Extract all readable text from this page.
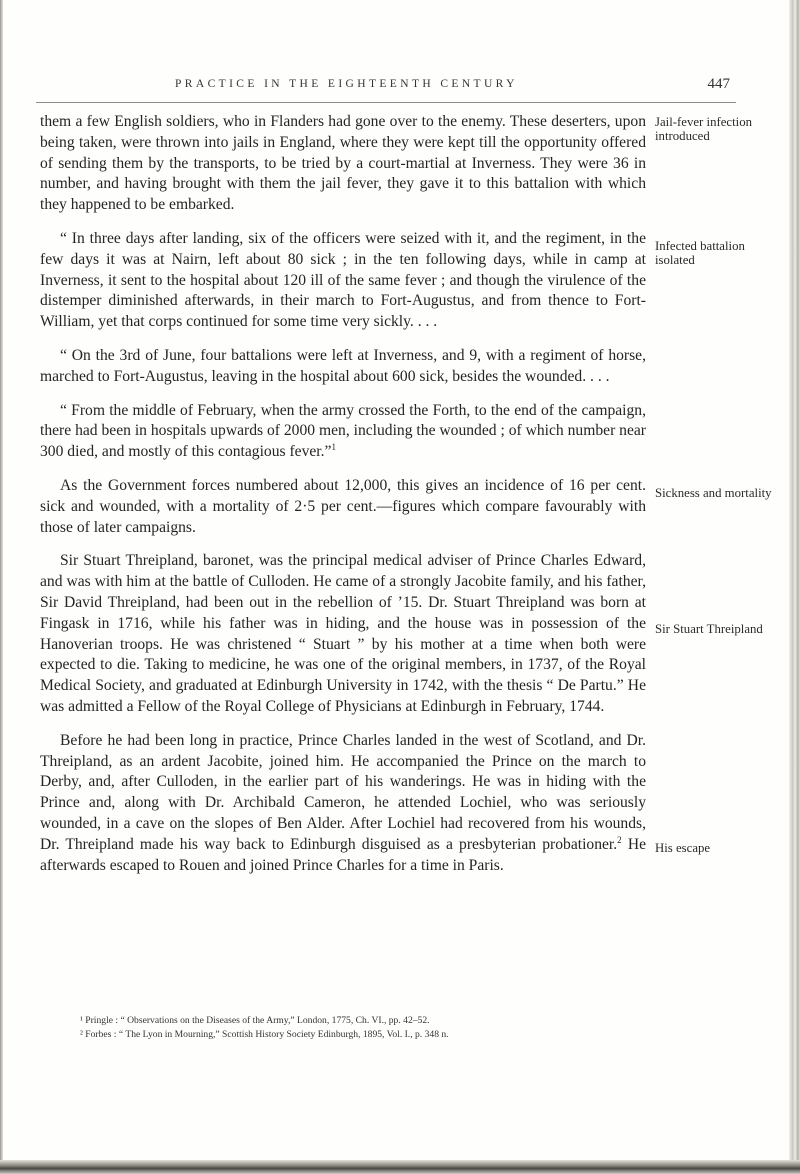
PRACTICE IN THE EIGHTEENTH CENTURY	447

them a few English soldiers, who in Flanders had gone over to the enemy. These deserters, upon being taken, were thrown into jails in England, where they were kept till the opportunity offered of sending them by the transports, to be tried by a court-martial at Inverness. They were 36 in number, and having brought with them the jail fever, they gave it to this battalion with which they happened to be embarked.

“ In three days after landing, six of the officers were seized with it, and the regiment, in the few days it was at Nairn, left about 80 sick ; in the ten following days, while in camp at Inverness, it sent to the hospital about 120 ill of the same fever ; and though the virulence of the distemper diminished afterwards, in their march to Fort-Augustus, and from thence to Fort-William, yet that corps continued for some time very sickly. . . .

“ On the 3rd of June, four battalions were left at Inverness, and 9, with a regiment of horse, marched to Fort-Augustus, leaving in the hospital about 600 sick, besides the wounded. . . .

“ From the middle of February, when the army crossed the Forth, to the end of the campaign, there had been in hospitals upwards of 2000 men, including the wounded ; of which number near 300 died, and mostly of this contagious fever.”$^1$

As the Government forces numbered about 12,000, this gives an incidence of 16 per cent. sick and wounded, with a mortality of 2·5 per cent.—figures which compare favourably with those of later campaigns.

Sir Stuart Threipland, baronet, was the principal medical adviser of Prince Charles Edward, and was with him at the battle of Culloden. He came of a strongly Jacobite family, and his father, Sir David Threipland, had been out in the rebellion of ’15. Dr. Stuart Threipland was born at Fingask in 1716, while his father was in hiding, and the house was in possession of the Hanoverian troops. He was christened “ Stuart ” by his mother at a time when both were expected to die. Taking to medicine, he was one of the original members, in 1737, of the Royal Medical Society, and graduated at Edinburgh University in 1742, with the thesis “ De Partu.” He was admitted a Fellow of the Royal College of Physicians at Edinburgh in February, 1744.

Before he had been long in practice, Prince Charles landed in the west of Scotland, and Dr. Threipland, as an ardent Jacobite, joined him. He accompanied the Prince on the march to Derby, and, after Culloden, in the earlier part of his wanderings. He was in hiding with the Prince and, along with Dr. Archibald Cameron, he attended Lochiel, who was seriously wounded, in a cave on the slopes of Ben Alder. After Lochiel had recovered from his wounds, Dr. Threipland made his way back to Edinburgh disguised as a presbyterian probationer.$^2$ He afterwards escaped to Rouen and joined Prince Charles for a time in Paris.

Jail-fever infection introduced
Infected battalion isolated
Sickness and mortality
Sir Stuart Threipland
His escape
¹ Pringle : “ Observations on the Diseases of the Army,” London, 1775, Ch. VI., pp. 42–52.
² Forbes : “ The Lyon in Mourning,” Scottish History Society Edinburgh, 1895, Vol. I., p. 348 n.
